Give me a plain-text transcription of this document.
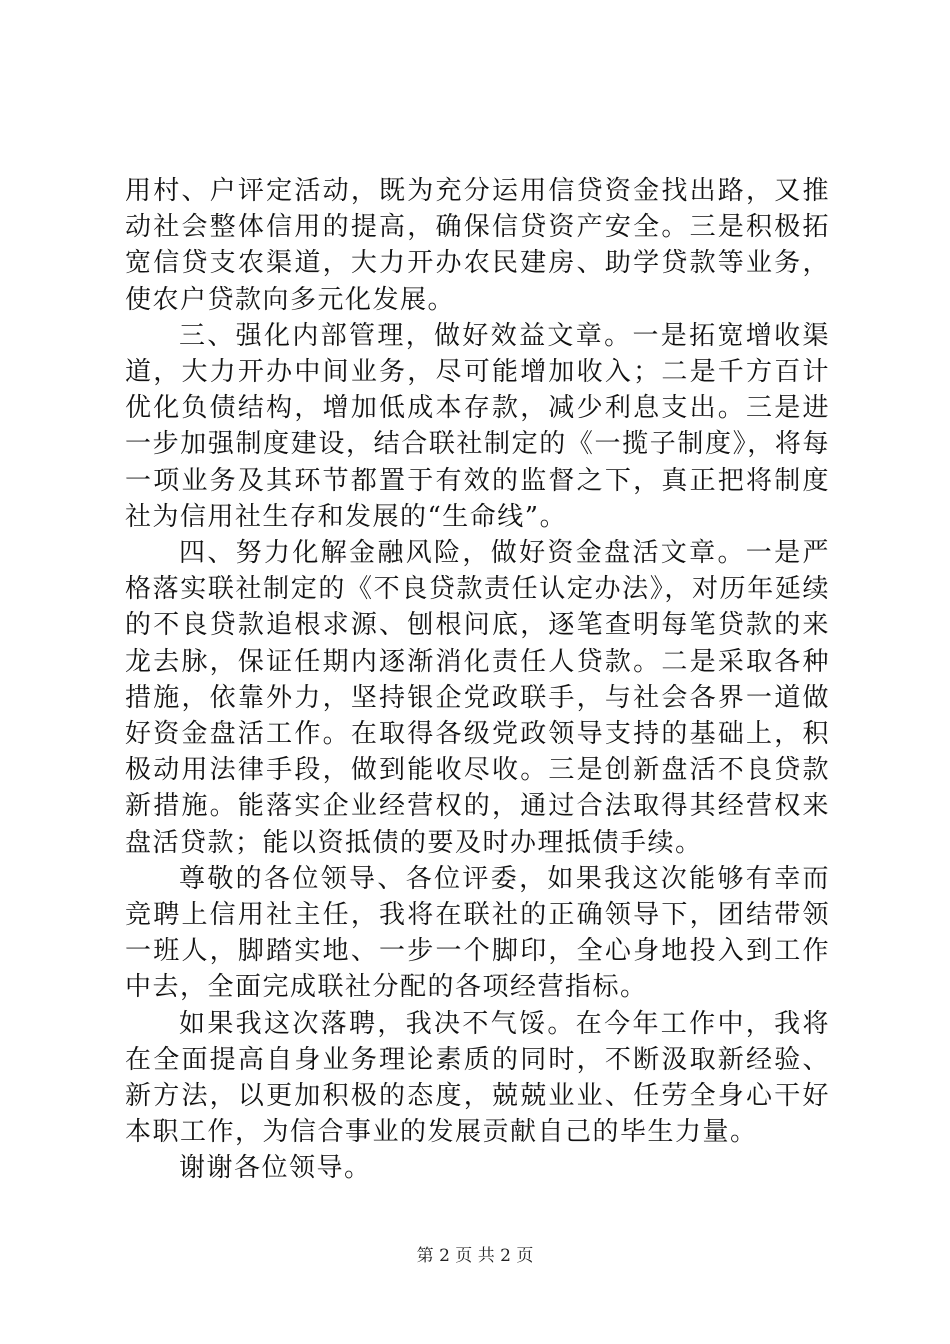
用村、户评定活动，既为充分运用信贷资金找出路，又推动社会整体信用的提高，确保信贷资产安全。三是积极拓宽信贷支农渠道，大力开办农民建房、助学贷款等业务，使农户贷款向多元化发展。

三、强化内部管理，做好效益文章。一是拓宽增收渠道，大力开办中间业务，尽可能增加收入；二是千方百计优化负债结构，增加低成本存款，减少利息支出。三是进一步加强制度建设，结合联社制定的《一揽子制度》，将每一项业务及其环节都置于有效的监督之下，真正把将制度社为信用社生存和发展的“生命线”。

四、努力化解金融风险，做好资金盘活文章。一是严格落实联社制定的《不良贷款责任认定办法》，对历年延续的不良贷款追根求源、刨根问底，逐笔查明每笔贷款的来龙去脉，保证任期内逐渐消化责任人贷款。二是采取各种措施，依靠外力，坚持银企党政联手，与社会各界一道做好资金盘活工作。在取得各级党政领导支持的基础上，积极动用法律手段，做到能收尽收。三是创新盘活不良贷款新措施。能落实企业经营权的，通过合法取得其经营权来盘活贷款；能以资抵债的要及时办理抵债手续。

尊敬的各位领导、各位评委，如果我这次能够有幸而竞聘上信用社主任，我将在联社的正确领导下，团结带领一班人，脚踏实地、一步一个脚印，全心身地投入到工作中去，全面完成联社分配的各项经营指标。

如果我这次落聘，我决不气馁。在今年工作中，我将在全面提高自身业务理论素质的同时，不断汲取新经验、新方法，以更加积极的态度，兢兢业业、任劳全身心干好本职工作，为信合事业的发展贡献自己的毕生力量。

谢谢各位领导。

第 2 页 共 2 页
